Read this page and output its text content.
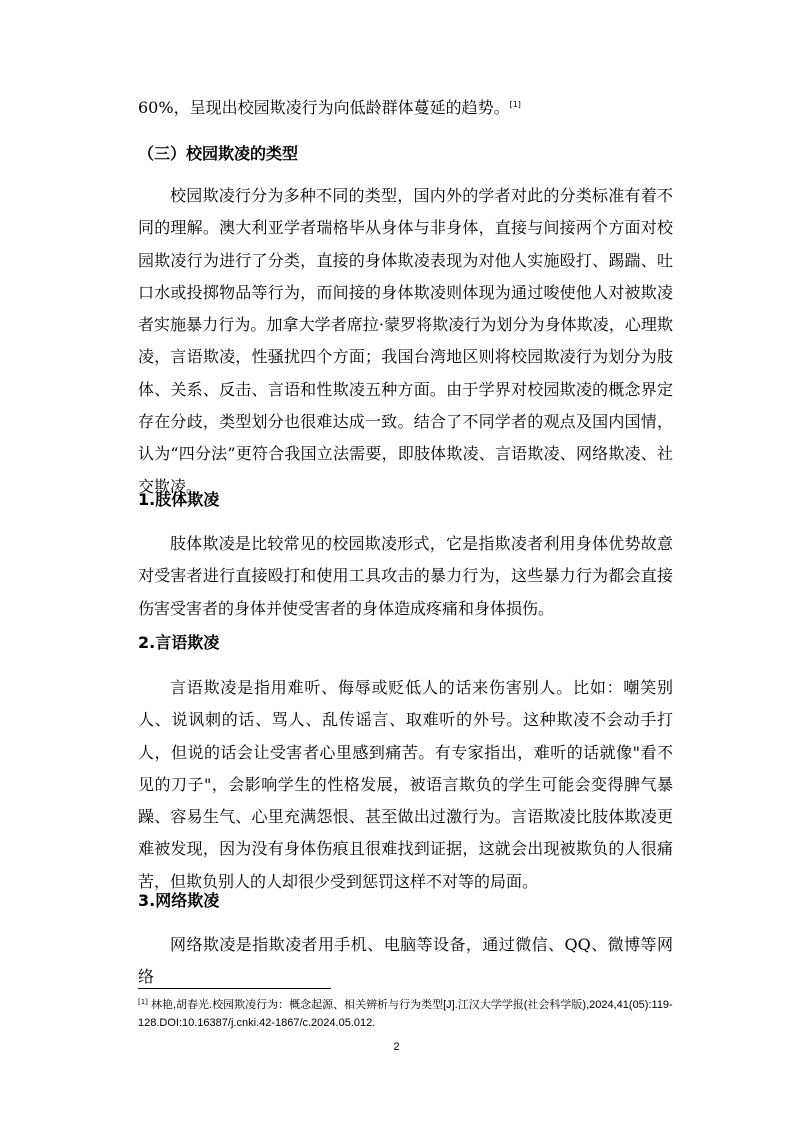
60%，呈现出校园欺凌行为向低龄群体蔓延的趋势。[1]

（三）校园欺凌的类型

校园欺凌行分为多种不同的类型，国内外的学者对此的分类标准有着不同的理解。澳大利亚学者瑞格毕从身体与非身体，直接与间接两个方面对校园欺凌行为进行了分类，直接的身体欺凌表现为对他人实施殴打、踢踹、吐口水或投掷物品等行为，而间接的身体欺凌则体现为通过唆使他人对被欺凌者实施暴力行为。加拿大学者席拉·蒙罗将欺凌行为划分为身体欺凌，心理欺凌，言语欺凌，性骚扰四个方面；我国台湾地区则将校园欺凌行为划分为肢体、关系、反击、言语和性欺凌五种方面。由于学界对校园欺凌的概念界定存在分歧，类型划分也很难达成一致。结合了不同学者的观点及国内国情，认为“四分法”更符合我国立法需要，即肢体欺凌、言语欺凌、网络欺凌、社交欺凌。

1.肢体欺凌

肢体欺凌是比较常见的校园欺凌形式，它是指欺凌者利用身体优势故意对受害者进行直接殴打和使用工具攻击的暴力行为，这些暴力行为都会直接伤害受害者的身体并使受害者的身体造成疼痛和身体损伤。

2.言语欺凌

言语欺凌是指用难听、侮辱或贬低人的话来伤害别人。比如：嘲笑别人、说讽刺的话、骂人、乱传谣言、取难听的外号。这种欺凌不会动手打人，但说的话会让受害者心里感到痛苦。有专家指出，难听的话就像"看不见的刀子"，会影响学生的性格发展，被语言欺负的学生可能会变得脾气暴躁、容易生气、心里充满怨恨、甚至做出过激行为。言语欺凌比肢体欺凌更难被发现，因为没有身体伤痕且很难找到证据，这就会出现被欺负的人很痛苦，但欺负别人的人却很少受到惩罚这样不对等的局面。

3.网络欺凌

网络欺凌是指欺凌者用手机、电脑等设备，通过微信、QQ、微博等网络

[1] 林艳,胡春光.校园欺凌行为：概念起源、相关辨析与行为类型[J].江汉大学学报(社会科学版),2024,41(05):119-128.DOI:10.16387/j.cnki.42-1867/c.2024.05.012.
2
